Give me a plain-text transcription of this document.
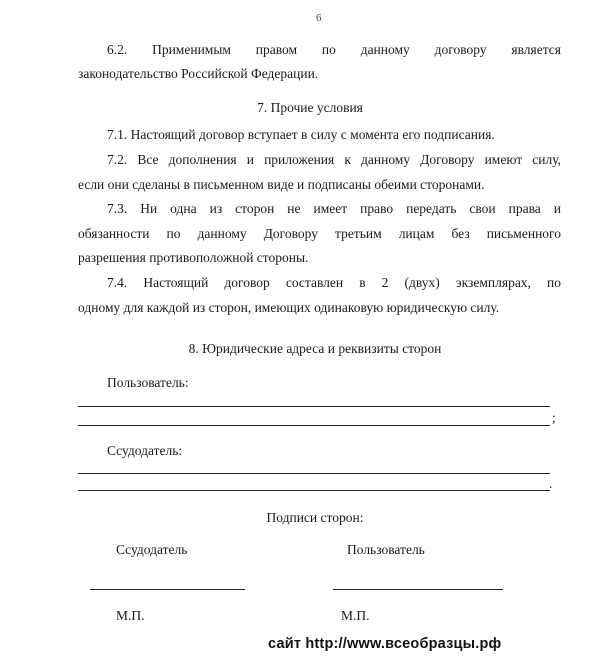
6
6.2. Применимым правом по данному договору является
законодательство Российской Федерации.
7. Прочие условия
7.1. Настоящий договор вступает в силу с момента его подписания.
7.2. Все дополнения и приложения к данному Договору имеют силу,
если они сделаны в письменном виде и подписаны обеими сторонами.
7.3. Ни одна из сторон не имеет право передать свои права и
обязанности по данному Договору третьим лицам без письменного
разрешения противоположной стороны.
7.4. Настоящий договор составлен в 2 (двух) экземплярах, по
одному для каждой из сторон, имеющих одинаковую юридическую силу.
8. Юридические адреса и реквизиты сторон
Пользователь:
;
Ссудодатель:
.
Подписи сторон:
Ссудодатель	Пользователь
М.П.	М.П.
сайт http://www.всеобразцы.рф
